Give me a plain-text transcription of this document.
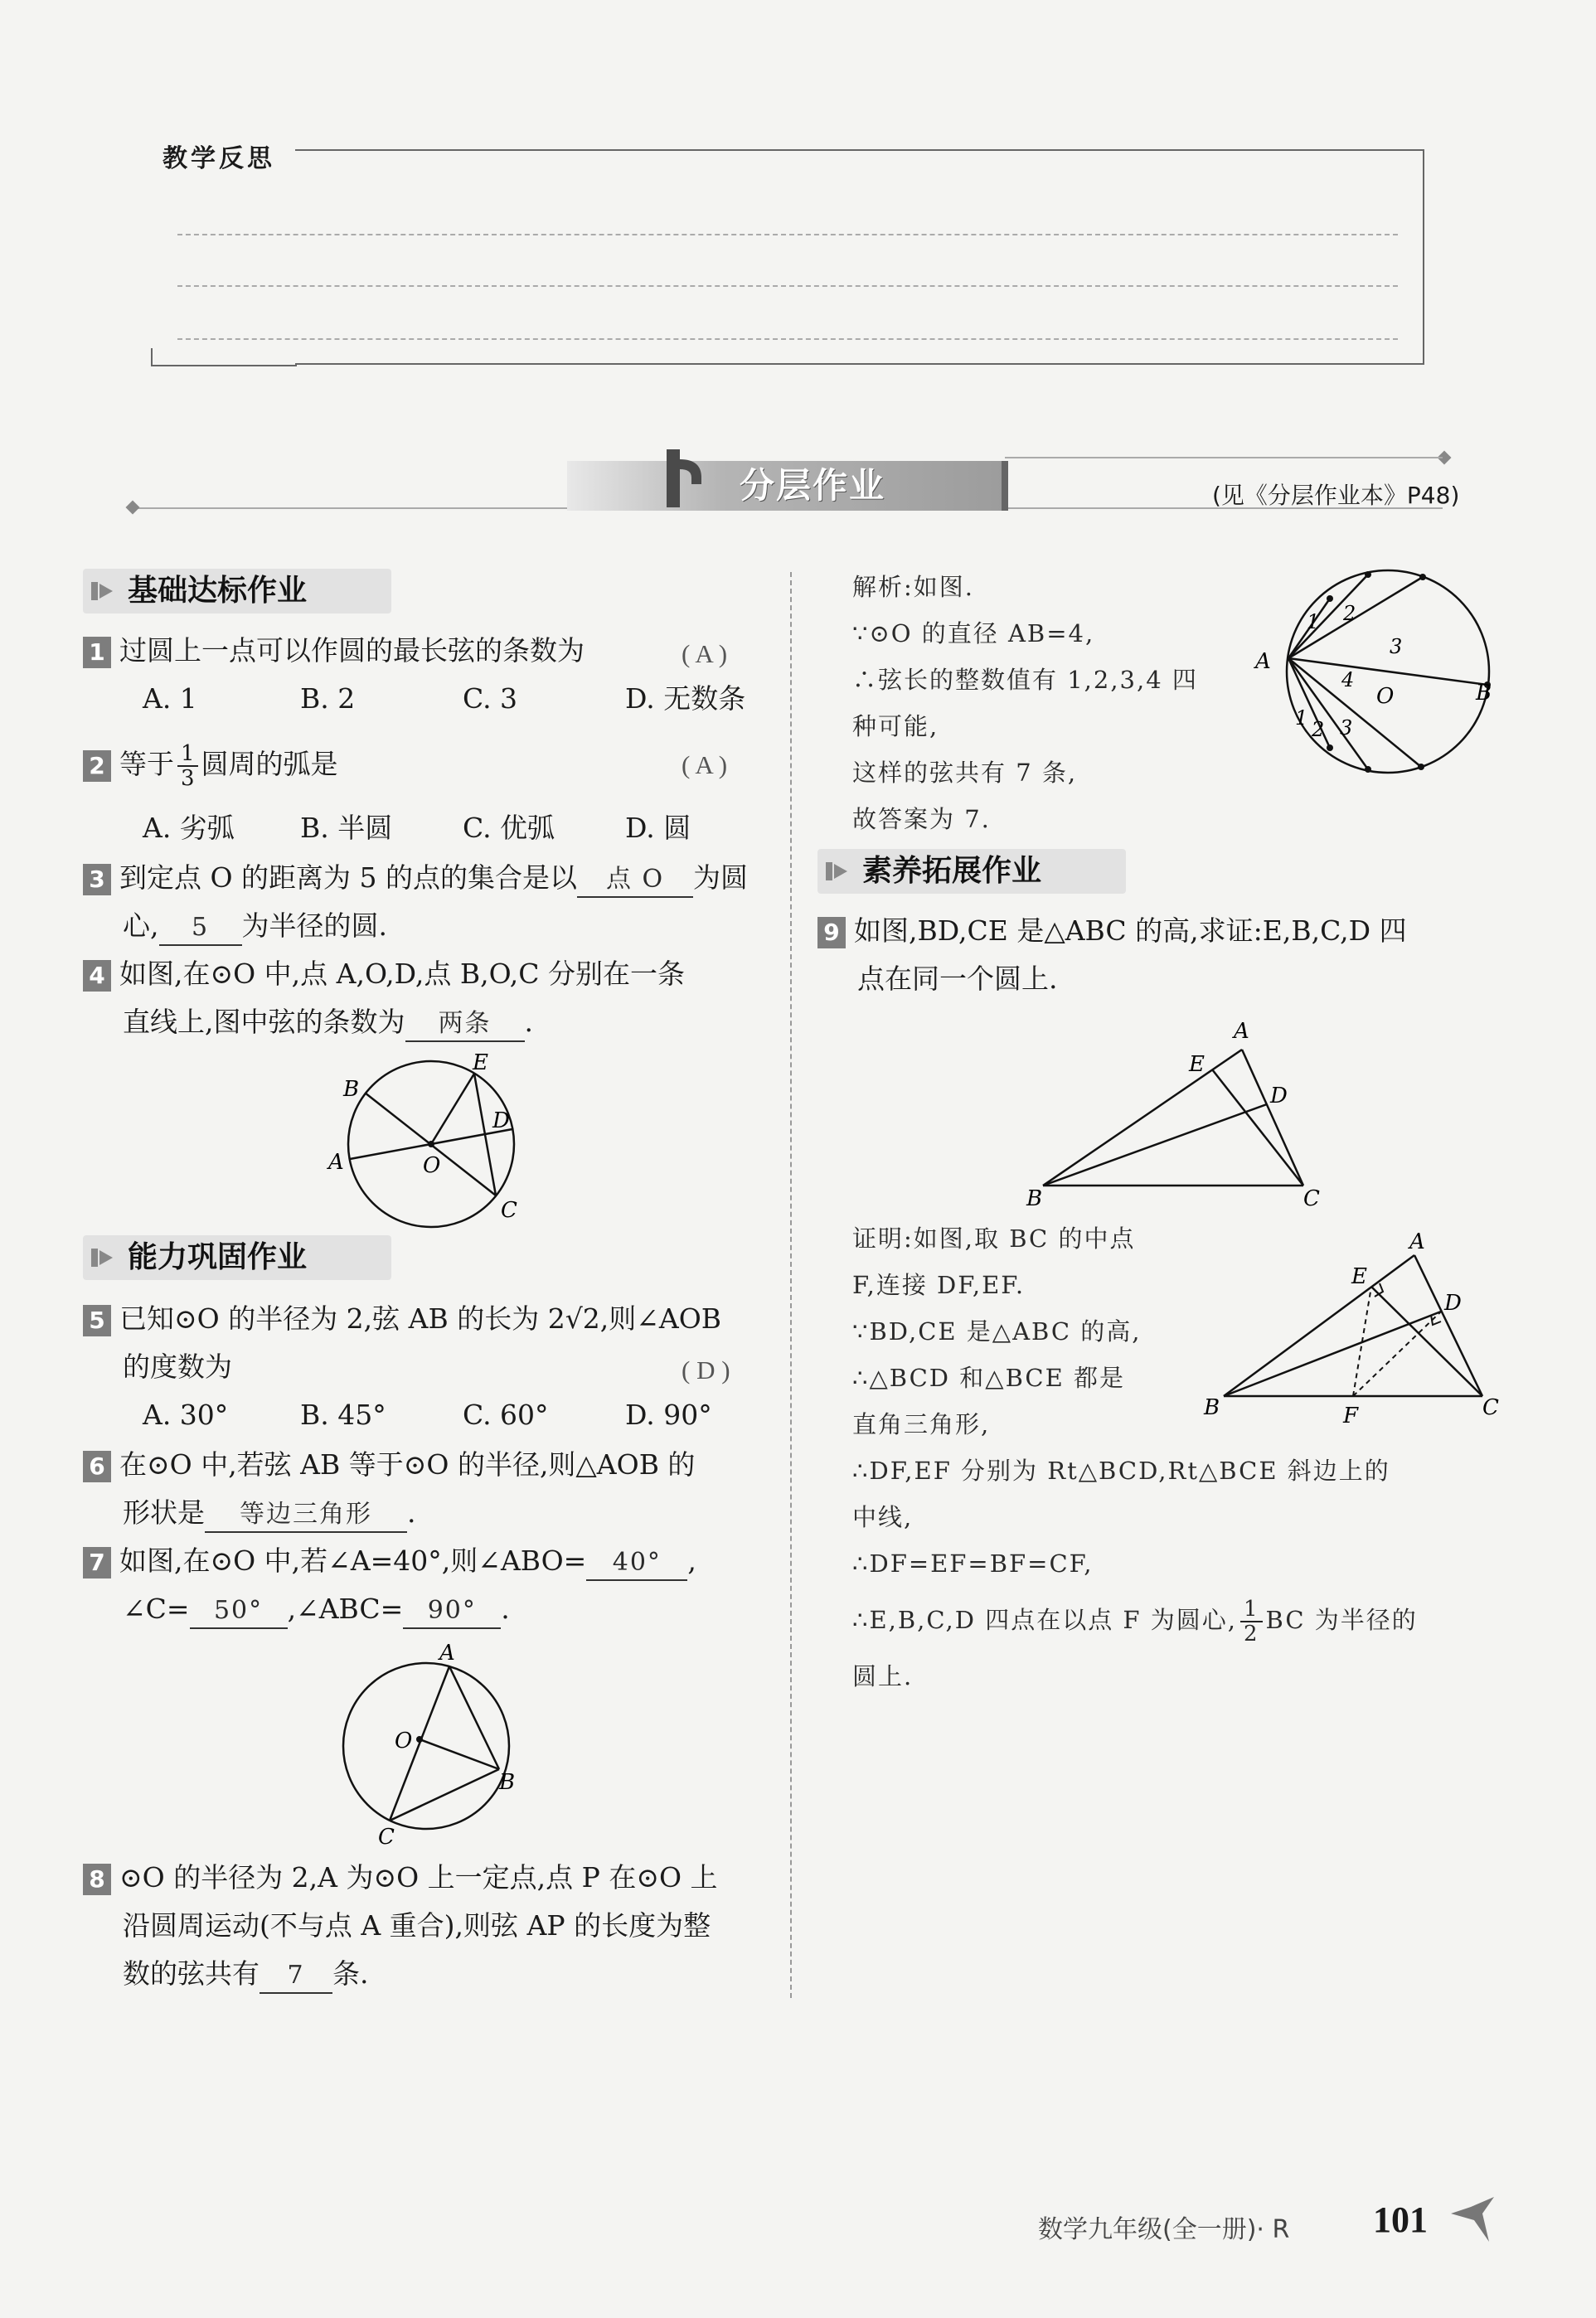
教学反思
分层作业	(见《分层作业本》P48)
基础达标作业
1 过圆上一点可以作圆的最长弦的条数为	( A )
A. 1	B. 2	C. 3	D. 无数条
2 等于 $\frac{1}{3}$ 圆周的弧是	( A )
A. 劣弧 B. 半圆	C. 优弧	D. 圆
3 到定点 O 的距离为 5 的点的集合是以 点 O 为圆
心, 5 为半径的圆.
4 如图,在⊙O 中,点 A,O,D,点 B,O,C 分别在一条
直线上,图中弦的条数为 两条 .
B
E
D
A	O
C
能力巩固作业
5 已知⊙O 的半径为 2,弦 AB 的长为 2√2,则∠AOB
的度数为	( D )
A. 30°	B. 45°	C. 60°	D. 90°
6 在⊙O 中,若弦 AB 等于⊙O 的半径,则△AOB 的
形状是 等边三角形 .
7 如图,在⊙O 中,若∠A=40°,则∠ABO= 40° ,
∠C= 50° ,∠ABC= 90° .
A
O
B
C
8 ⊙O 的半径为 2,A 为⊙O 上一定点,点 P 在⊙O 上
沿圆周运动(不与点 A 重合),则弦 AP 的长度为整
数的弦共有 7 条.
解析:如图.
∵⊙O 的直径 AB=4,
∴弦长的整数值有 1,2,3,4 四
种可能,
这样的弦共有 7 条,
故答案为 7.
A
B
O
1 2
3
4
1 2 3
素养拓展作业
9 如图,BD,CE 是△ABC 的高,求证:E,B,C,D 四
点在同一个圆上.
A
E
D
B	C
证明:如图,取 BC 的中点
F,连接 DF,EF.
∵BD,CE 是△ABC 的高,
∴△BCD 和△BCE 都是
直角三角形,
∴DF,EF 分别为 Rt△BCD,Rt△BCE 斜边上的
中线,
∴DF=EF=BF=CF,
∴E,B,C,D 四点在以点 F 为圆心, $\frac{1}{2}$ BC 为半径的
圆上.
A
E
D
B	F	C
数学九年级(全一册)· R 101
